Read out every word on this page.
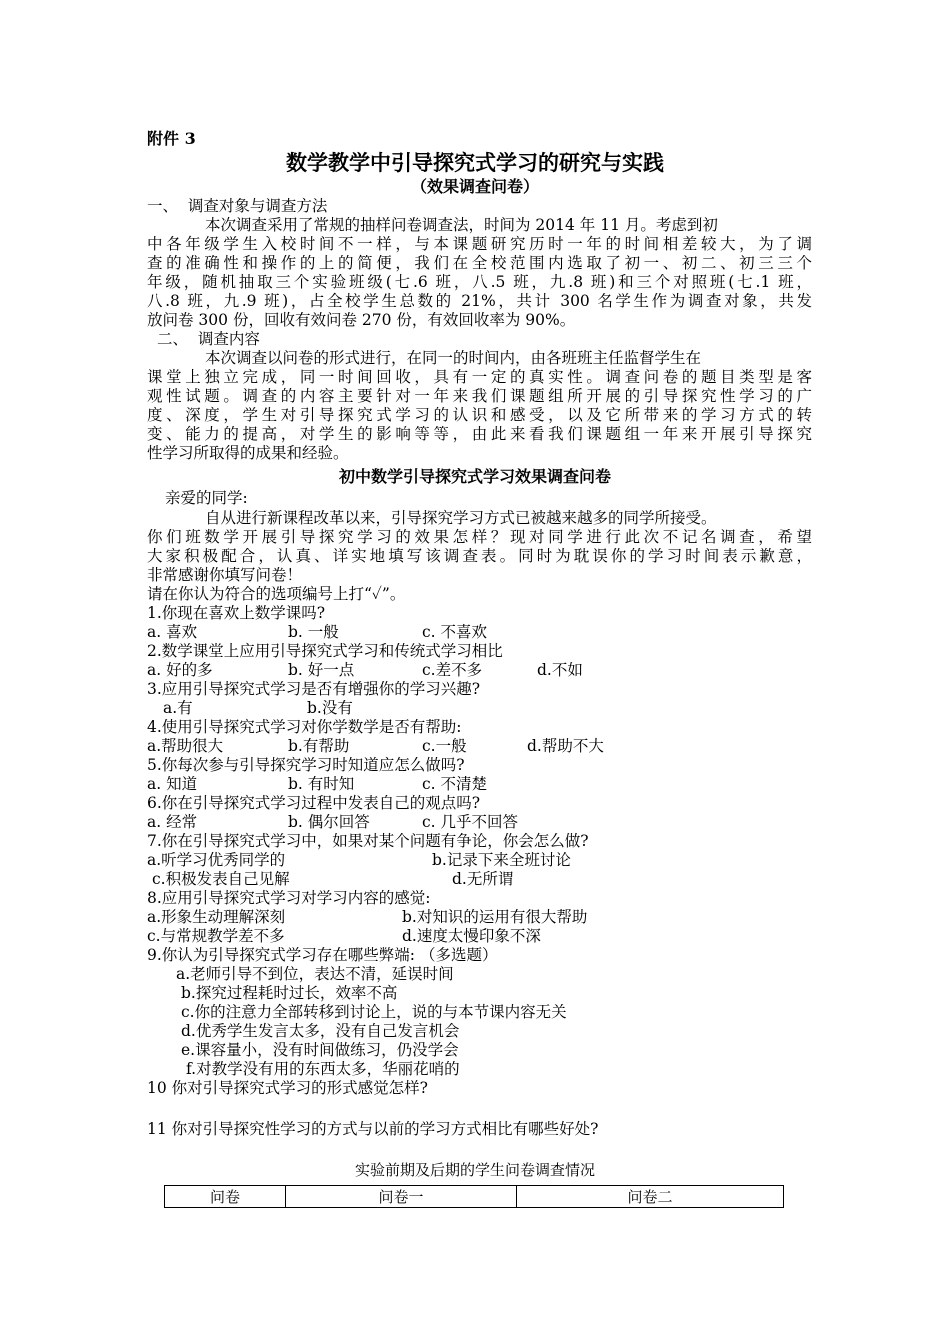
附件 3
数学教学中引导探究式学习的研究与实践
（效果调查问卷）
一、  调查对象与调查方法
本次调查采用了常规的抽样问卷调查法，时间为 2014 年 11 月。考虑到初
中各年级学生入校时间不一样，与本课题研究历时一年的时间相差较大，为了调
查的准确性和操作的上的简便，我们在全校范围内选取了初一、初二、初三三个
年级，随机抽取三个实验班级(七.6 班，八.5 班，九.8 班)和三个对照班(七.1 班，
八.8 班，九.9 班)，占全校学生总数的 21%，共计 300 名学生作为调查对象，共发
放问卷 300 份，回收有效问卷 270 份，有效回收率为 90%。
二、  调查内容
本次调查以问卷的形式进行，在同一的时间内，由各班班主任监督学生在
课堂上独立完成，同一时间回收，具有一定的真实性。调查问卷的题目类型是客
观性试题。调查的内容主要针对一年来我们课题组所开展的引导探究性学习的广
度、深度，学生对引导探究式学习的认识和感受，以及它所带来的学习方式的转
变、能力的提高，对学生的影响等等，由此来看我们课题组一年来开展引导探究
性学习所取得的成果和经验。
初中数学引导探究式学习效果调查问卷
亲爱的同学:
自从进行新课程改革以来，引导探究学习方式已被越来越多的同学所接受。
你们班数学开展引导探究学习的效果怎样？现对同学进行此次不记名调查，希望
大家积极配合，认真、详实地填写该调查表。同时为耽误你的学习时间表示歉意，
非常感谢你填写问卷！
请在你认为符合的选项编号上打“✓”。
1.你现在喜欢上数学课吗?
a. 喜欢	b. 一般	c. 不喜欢
2.数学课堂上应用引导探究式学习和传统式学习相比
a. 好的多	b. 好一点	c.差不多	d.不如
3.应用引导探究式学习是否有增强你的学习兴趣?
a.有	b.没有
4.使用引导探究式学习对你学数学是否有帮助:
a.帮助很大	b.有帮助	c.一般	d.帮助不大
5.你每次参与引导探究学习时知道应怎么做吗?
a. 知道	b. 有时知	c. 不清楚
6.你在引导探究式学习过程中发表自己的观点吗?
a. 经常	b. 偶尔回答	c. 几乎不回答
7.你在引导探究式学习中，如果对某个问题有争论，你会怎么做?
a.听学习优秀同学的	b.记录下来全班讨论
c.积极发表自己见解	d.无所谓
8.应用引导探究式学习对学习内容的感觉:
a.形象生动理解深刻	b.对知识的运用有很大帮助
c.与常规教学差不多	d.速度太慢印象不深
9.你认为引导探究式学习存在哪些弊端: （多选题）
a.老师引导不到位，表达不清，延误时间
b.探究过程耗时过长，效率不高
c.你的注意力全部转移到讨论上，说的与本节课内容无关
d.优秀学生发言太多，没有自己发言机会
e.课容量小，没有时间做练习，仍没学会
f.对教学没有用的东西太多，华丽花哨的
10 你对引导探究式学习的形式感觉怎样?
11 你对引导探究性学习的方式与以前的学习方式相比有哪些好处?
实验前期及后期的学生问卷调查情况
问卷	问卷一	问卷二
